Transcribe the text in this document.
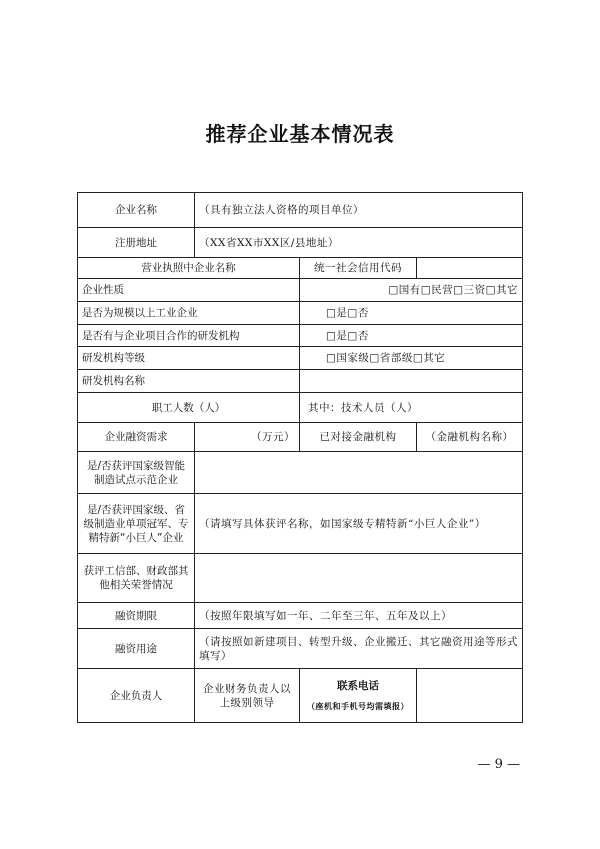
推荐企业基本情况表
企业名称	（具有独立法人资格的项目单位）		
注册地址	（XX省XX市XX区/县地址）		
营业执照中企业名称		统一社会信用代码	
企业性质		□国有□民营□三资□其它	
是否为规模以上工业企业		□是□否	
是否有与企业项目合作的研发机构		□是□否	
研发机构等级		□国家级□省部级□其它	
研发机构名称			
职工人数（人）		其中：技术人员（人）	
企业融资需求	（万元）	已对接金融机构	（金融机构名称）
是/否获评国家级智能制造试点示范企业			
是/否获评国家级、省级制造业单项冠军、专精特新“小巨人”企业	（请填写具体获评名称，如国家级专精特新“小巨人企业”）		
获评工信部、财政部其他相关荣誉情况			
融资期限	（按照年限填写如一年、二年至三年、五年及以上）		
融资用途	（请按照如新建项目、转型升级、企业搬迁、其它融资用途等形式填写）		
企业负责人	企业财务负责人以上级别领导	联系电话
（座机和手机号均需填报）	

— 9 —
